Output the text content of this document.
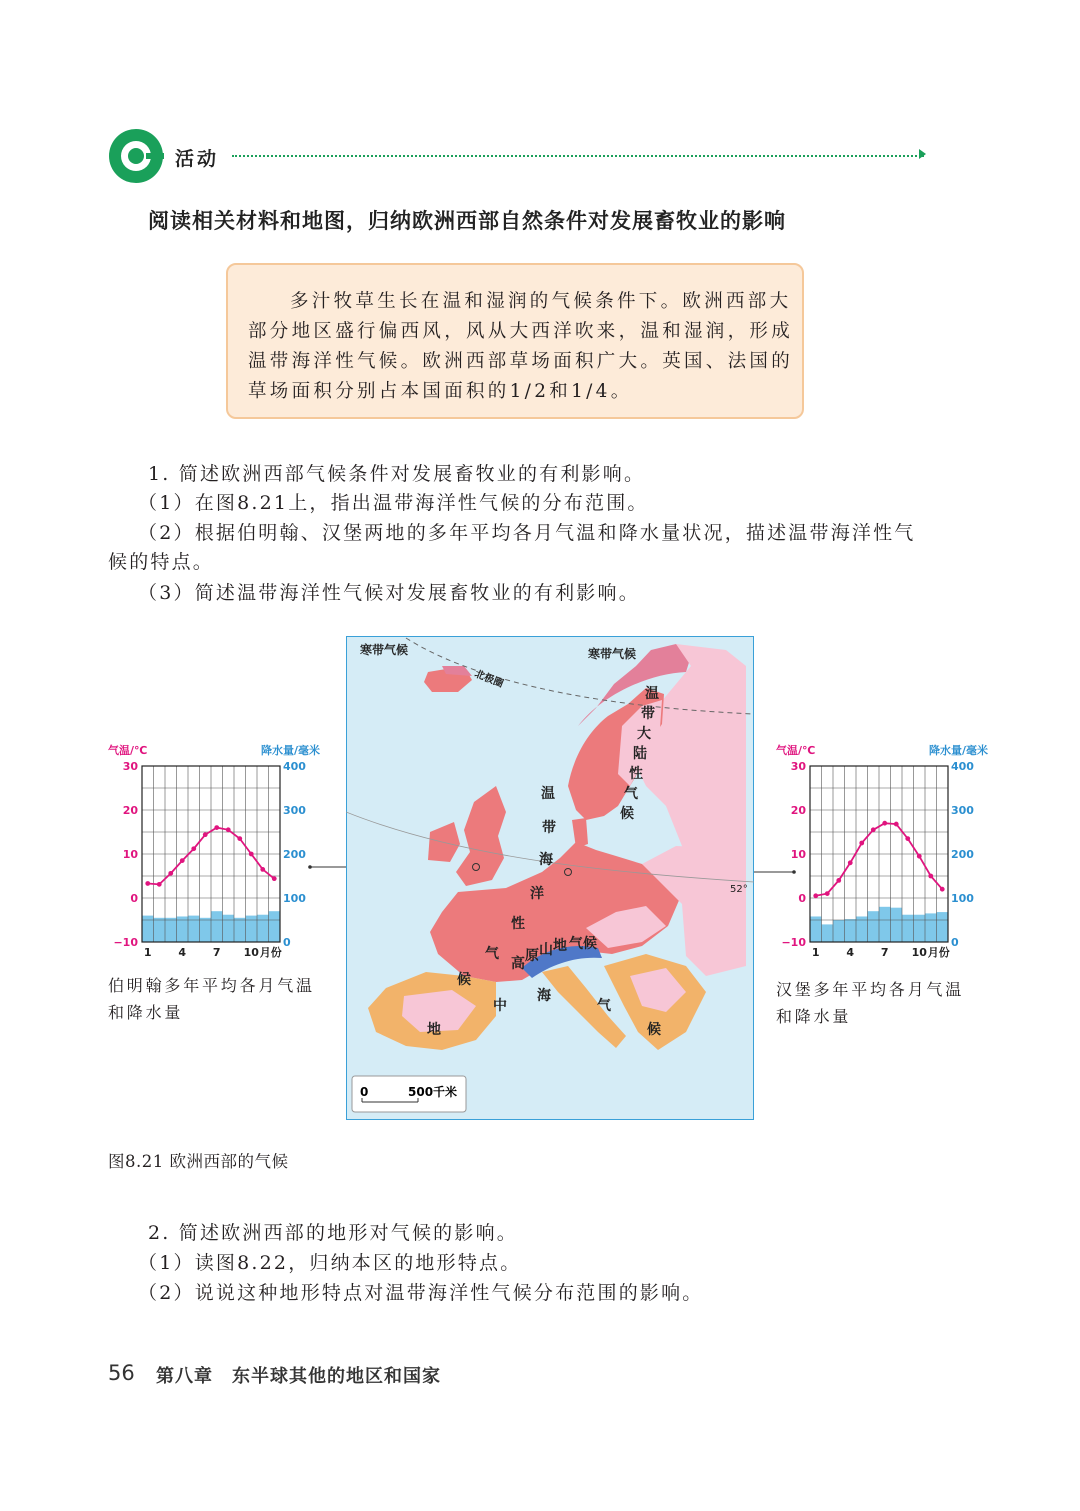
活动
阅读相关材料和地图，归纳欧洲西部自然条件对发展畜牧业的影响
多汁牧草生长在温和湿润的气候条件下。欧洲西部大
部分地区盛行偏西风，风从大西洋吹来，温和湿润，形成
温带海洋性气候。欧洲西部草场面积广大。英国、法国的
草场面积分别占本国面积的1/2和1/4。
1. 简述欧洲西部气候条件对发展畜牧业的有利影响。
（1）在图8.21上，指出温带海洋性气候的分布范围。
（2）根据伯明翰、汉堡两地的多年平均各月气温和降水量状况，描述温带海洋性气
候的特点。
（3）简述温带海洋性气候对发展畜牧业的有利影响。
气温/℃	降水量/毫米
30
20
10
0
−10
400
300
200
100
0
1 4 7 10 月份
伯明翰多年平均各月气温
和降水量
气温/℃	降水量/毫米
30
20
10
0
−10
400
300
200
100
0
1 4 7 10 月份
汉堡多年平均各月气温
和降水量
寒带气候	寒带气候
北极圈
52°
温
带
大
陆
性
气
候
温
带
海
洋
性
气
候
高 原 山 地 气 候
地
中
海
气
候
0	500千米
图8.21 欧洲西部的气候
2. 简述欧洲西部的地形对气候的影响。
（1）读图8.22，归纳本区的地形特点。
（2）说说这种地形特点对温带海洋性气候分布范围的影响。
56 第八章　东半球其他的地区和国家
